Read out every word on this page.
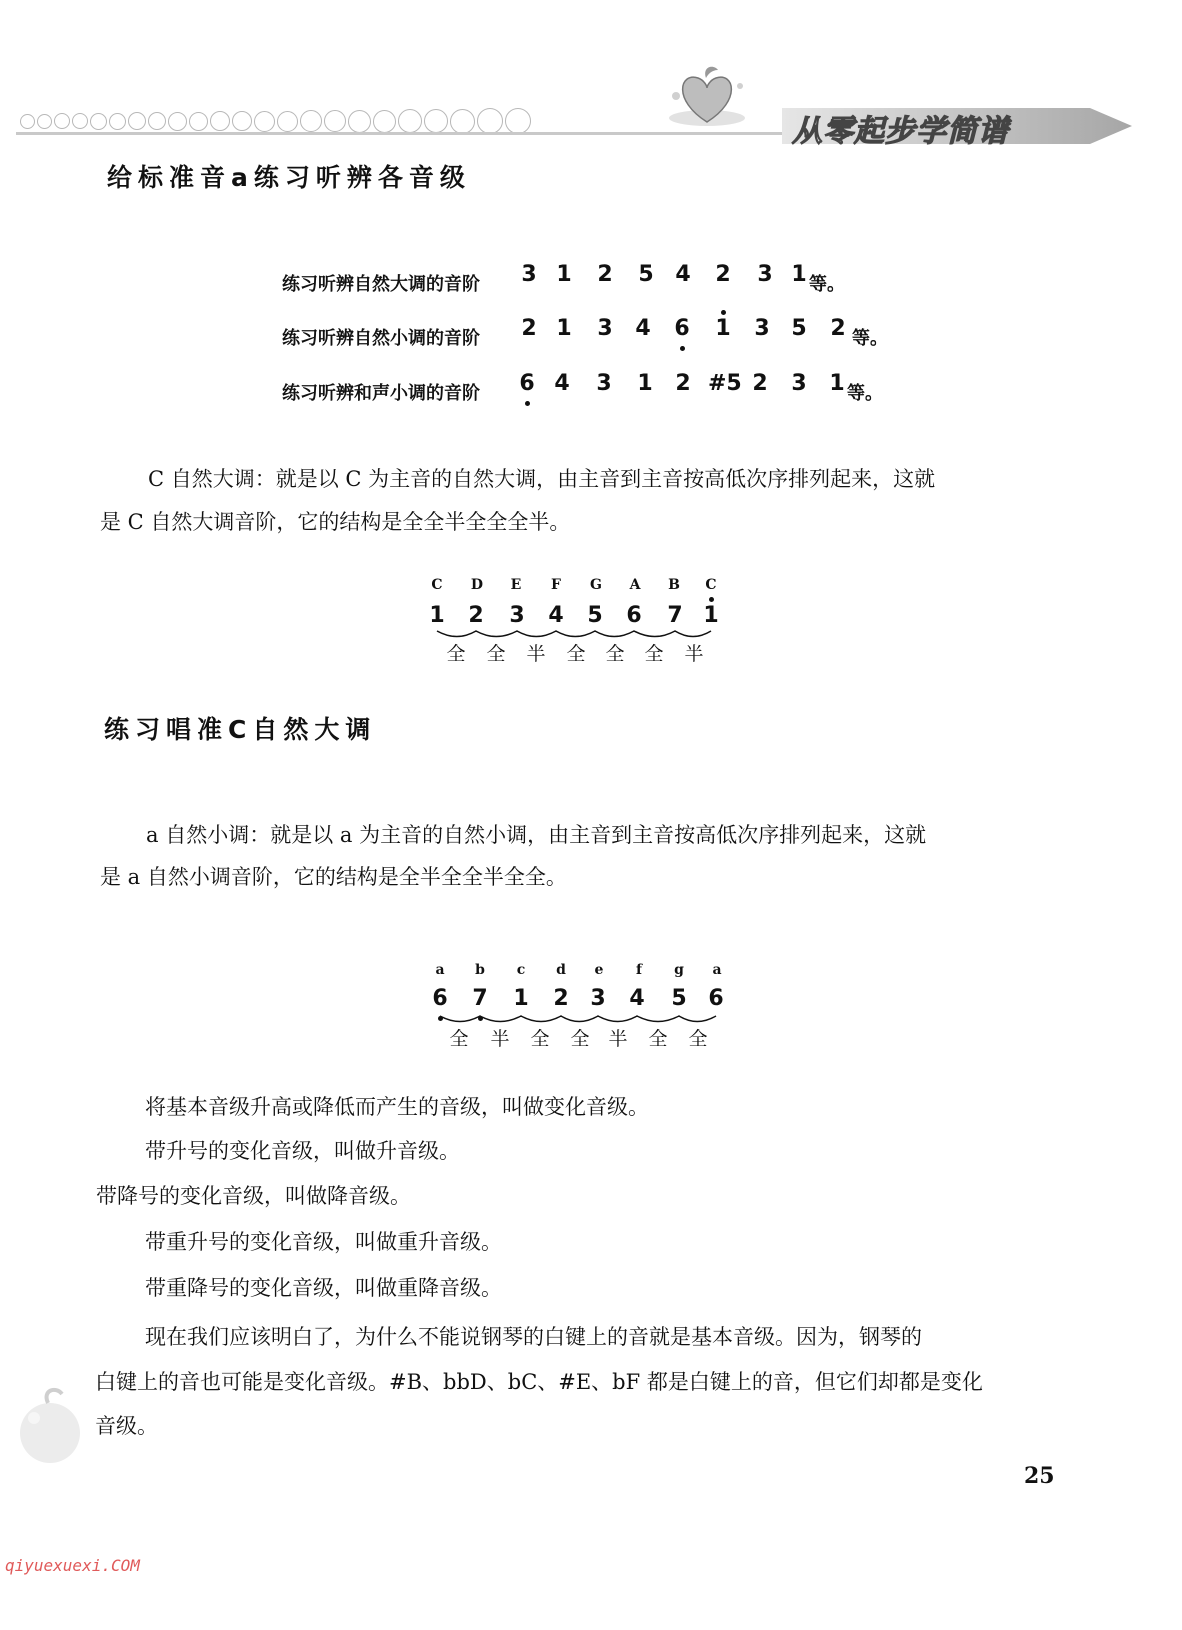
从零起步学简谱
给标准音a练习听辨各音级
练习听辨自然大调的音阶 3 1 2 5 4 2 3 1 等。
练习听辨自然小调的音阶 2 1 3 4 6 1 3 5 2 等。
练习听辨和声小调的音阶 6 4 3 1 2 #5 2 3 1 等。
C 自然大调：就是以 C 为主音的自然大调，由主音到主音按高低次序排列起来，这就
是 C 自然大调音阶，它的结构是全全半全全全半。
C	D	E	F	G	A	B	C
1 2 3 4 5 6 7 1
全 全 半 全 全 全 半
练习唱准C自然大调
a 自然小调：就是以 a 为主音的自然小调，由主音到主音按高低次序排列起来，这就
是 a 自然小调音阶，它的结构是全半全全半全全。
a	b	c	d	e	f	g	a
6 7 1 2 3 4 5 6
全 半 全 全 半 全 全
将基本音级升高或降低而产生的音级，叫做变化音级。
带升号的变化音级，叫做升音级。
带降号的变化音级，叫做降音级。
带重升号的变化音级，叫做重升音级。
带重降号的变化音级，叫做重降音级。
现在我们应该明白了，为什么不能说钢琴的白键上的音就是基本音级。因为，钢琴的
白键上的音也可能是变化音级。#B、bbD、bC、#E、bF 都是白键上的音，但它们却都是变化
音级。
25
qiyuexuexi.COM
